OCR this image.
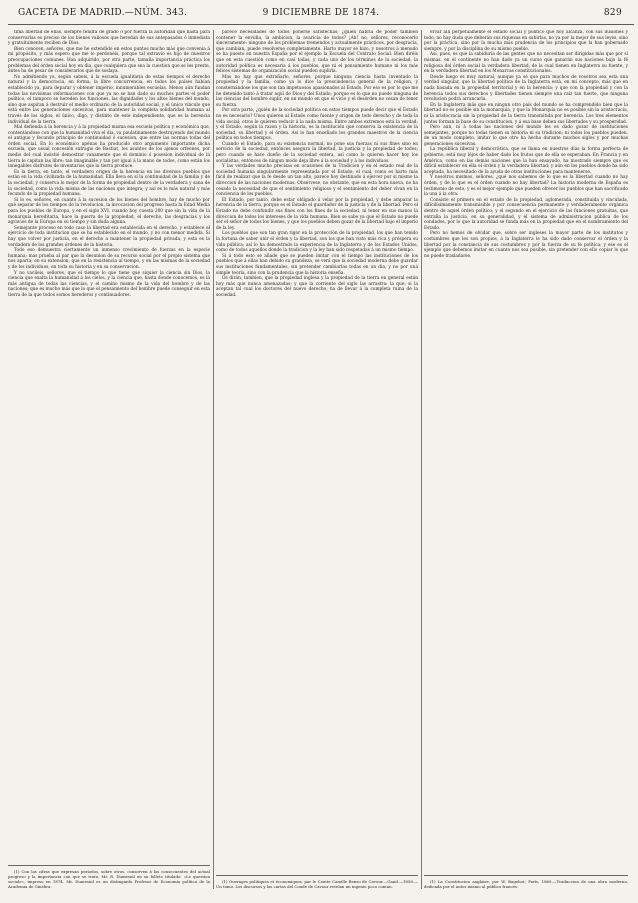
GACETA DE MADRID.—NÚM. 343.	9 DICIEMBRE DE 1874.	829

tima libertad de ellas, siempre tendrá de grado ó por fuerza la autoridad que hasta para conservarlas es preciso de los bienes valiosos que heredan de sus antepasados ó inmediata y gratuitamente reciben de Dios.

Bien conocen, señores, que me he extendido en estos puntos mucho más que convenia á mi propósito, y más espero que me lo perdonéis, porque tal extravío es hijo de nuestros preocupaciones comunes. Han adquirido, por otra parte, tamaña importancia práctica los problemas del órden social hoy en dia, que cualquiera que sea la cuestion que se les preste, ántes ha de pesar de considerarlos que de soslaya.

No admitiendo yo, según sabeis, á la escuela igualitaria de estas tiempos el derecho natural y la democracia, en forma, la libre concurrencia, en todos los países habían establecido ya, para deparar y obtener imperio, innumerables escuelas. Menos aún fundan todas las novísimas reformaciones con que ya no se han dado su muchos partes el poder político, el tampoco se hereden los funciones, las dignidades y los altos bienes del mundo, sino que aspiran á destruir el medio ordinario de la autoridad social, y el único vínculo que está entre las generaciones sucesivas, para mantener la completa solidaridad humana al través de los siglos; el único, digo, y distinto de este independiente, que es la herencia individual de la tierra.

Mal defienda á la herencia y á la propiedad misma esa escuela política y económica que, contentándose con que la humanidad viva el dia, va paulatinamente destruyendo del mundo el antiguo y fecundo principio de continuidad ó sucesion, que entre las normas todas del órden social. En lo económico apénas ha producido otro argumento importante dicha escuela, que usual concesión sufragio de Bastiat, los asuntos de los ajenos orfeones, por medio del cual insistió demostrar vanamente que el dominio ó posesion individual de la tierra le capitan las libre; tan imaginable y tan por igual á la mano de todos, como están los innegables disfrutes de inventarios que la tierra produce.

Es la tierra, en tanto, el verdadero origen de la herencia en los diversos pueblos que están en la vida civilizada de la humanidad. Ella lleva en sí la continuidad de la familia y de la sociedad, y conserva lo mejor de la forma de propiedad dentro de la verdadera y sana de la sociedad, como la vida misma de las naciones que integra; y así es lo más natural y más fecundo de la propiedad humana.

Si lo es, señores, en cuanto á la sucesion de los bienes del hombre, hay de mucho por qué separar de los tiempos de la revolucion, la invocacion del progreso hasta la Edad Media para los pueblos de Europa, y en el siglo XVI, cuando hoy cuesta 200 que sin la vida de la monarquía hereditaria, hace la guerra de la propiedad, el derecho, las desgracias y los agravios de la Europa en su tiempo y sin duda alguna.

Semejante proceso en todo caso la libertad era establecida en el derecho, y establece el ejercicio de toda institucion que se ha establecido en el mundo, y no con menor medida. Si hay que volver por justicia, en el derecho a mantener la propiedad privada, y esta es la verdadera de los grandes órdenes de la historia.

Todo eso demuestra ciertamente un inmenso crecimiento de fuerzas en la especie humana; mas prueba al par que la desunion de su recurso social por el propio sistema que nos aparta; en su extension, que en la resistencia al tiempo, y en las mismas de la sociedad y de los individuos, en toda su historia y en su conservacion.

Y no vacileis, señores, que el tiempo lo que tiene que siquier la ciencia sin Dios, la ciencia que exalta la humanidad á los cielos, y la ciencia que, hasta donde conocemos, es la más antigua de todas las ciencias, y el camino mismo de la vida del hombre y de las naciones; que es mucho más que lo que el pensamiento del hombre puede conseguir en esta tierra de la que todos somos herederos y continuadores.

(1) Con las cifras que expresan periodos, sobre otros, conserven á las consecuentes del actual progreso y la importancia con que se trata, Mr. R. Dumesnil en su folleto titulado: «Le question sociale», impreso en 1874. Mr. Dumesnil es un distinguido Profesor de Economía política de la Academia de Ginebra.

parece necesidades de todos ponerse satisfechas; ¿quién habría de poder también contener la envidia, la ambicion, la avaricia de todos? ¡Ah! no, señores, reconocerlo sinceramente: ninguno de los problemas tremendos y actualmente prácticos, por desgracia, que cambian, puede resolverse completamente. Harto mayor se hizo, y nosotros á menudo se ha puesto en nuestra España por el ejemplo la Escuela del Contrato Social. Bien diréis que en esta cuestión como en casi todas, y cada uno de los términos de la sociedad, la autoridad política es necesaria á los pueblos, que ni el pensamiento humano ni los más felices sistemas de organización social pueden suplirla.

Mas no hay que extrañarlo, señores, porque ninguna ciencia hasta inventado la propiedad y la familia, como ya lo dice la prescindencia general de la religion, y consternándose los que son tan impetuosos apasionados al Estado. Por eso es por lo que me he detenido tanto á tratar aquí de Dios y del Estado; porque es lo que no puede ninguna de las ciencias del hombre suplir, en un mundo en que el vicio y el desórden no cesan de tener su fuerza.

Por otra parte, ¿quién de la sociedad política en estos tiempos puede decir que el Estado no es necesario? Unos quieren al Estado como fuente y origen de todo derecho y de toda la vida social; otros le quieren reducir á la nada misma. Entre ambos extremos está la verdad; y el Estado, según la razon y la historia, es la institución que conserva la existencia de la sociedad, su libertad y el órden. Así lo han enseñado los grandes maestros de la ciencia política en todos tiempos.

Cuando el Estado, para su existencia normal, no pone sus fuerzas ni sus fines sino en servicio de la sociedad, entónces asegura la libertad, la justicia y la propiedad de todos; pero cuando se hace dueño de la sociedad entera, así como lo quieren hacer hoy los socialistas, entónces de ningun modo deja libre á la sociedad y á los individuos.

Y las verdades mucho precisas en ocasiones de la Tradicion y en el estado real de la sociedad humana singularmente representada por el Estado; el cual, como es harto más fácil de realizar que la fe desde un tan alto, parece hoy destinado á ejercer por sí mismo la direccion de las naciones modernas. Obsérvese, no obstante, que en esta hora nueva, no ha cesado la necesidad de que el sentimiento religioso y el sentimiento del deber vivan en la conciencia de los pueblos.

El Estado, por tanto, debe estar obligado á velar por la propiedad, y debe amparar la herencia de la tierra, porque es el Estado el guardador de la justicia y de la libertad. Pero el Estado no debe confundir sus fines con los fines de la sociedad, ni tener en sus manos la direccion de todos los intereses de la vida humana. Bien se sabe ya que el Estado no puede ser el señor de todos los bienes, y que los pueblos deben gozar de la libertad bajo el imperio de la ley.

Los pueblos que son tan gran rigor en la protección de la propiedad, los que han tenido la fortuna de saber unir el órden y la libertad, son los que han visto más rica y próspera su vida pública; así lo ha demostrado la experiencia de la Inglaterra y de los Estados Unidos, como de todos aquellos donde la tradicion y la ley han sido respetadas á un mismo tiempo.

Si á todo esto se añade que se pueden imitar con el tiempo las instituciones de los pueblos que á ellas han debido su grandeza, se verá que la sociedad moderna debe guardar sus instituciones fundamentales, sin pretender cambiarlas todas en un dia, y no por una simple teoría, sino con la prudencia que la historia enseña.

Os dirán, tambien, que la propiedad inglesa y la propiedad de la tierra en general están hoy más que nunca amenazadas; y que la corriente del siglo las arrastra: la que, si la aceptan tal cual los doctores del nuevo derecho, ha de llevar á la completa ruina de la sociedad.

(1) Ouvrages politiques et économiques, par le Comte Camille Benso de Cavour.—Gand.—1858.—Un tomo. Los discursos y las cartas del Conde de Cavour revelan un ingenio poco comun.

ervar allí perpetuamente el estado social y político que hoy alcanza, con sus ilusiones y todo, no hay duda que deberán sus riquezas en subirlas, no ya por la mejor de sus leyes, sino por la práctica, sino por la mucha más prudencia de los principios que la han gobernado siempre, y por la disciplina de su mismo pueblo.

Así, pues, es que la sabiduría de las gentes que no necesitan ser dirigidas más que por sí mismas, en el continente no han dado ya un curso que ganarán sus naciones bajo la fé religiosa del órden social la verdadera libertad, de la cual tienen en Inglaterra su fuente, y en la verdadera libertad en los Monarcas constitucionales.

Desde luego es muy natural, aunque ya sé que para muchos de vosotros sea esta una verdad singular, que la libertad política de la Inglaterra está, en mi concepto, más que en nada basada en la propiedad territorial y en la herencia; y que con la propiedad y con la herencia todos sus derechos y libertades tienen siempre una raíz tan fuerte, que ninguna revolucion podrá arrancarla.

En la Inglaterra más que en ningun otro país del mundo se ha comprendido bien que la libertad no es posible sin la monarquía, y que la Monarquía no es posible sin la aristocracia, ni la aristocracia sin la propiedad de la tierra transmitida por herencia. Los tres elementos juntos forman la base de su constitucion, y á esa base deben sus libertades y su prosperidad.

Pero aun, ni á todas las naciones del mundo les es dado gozar de instituciones semejantes, porque no todas tienen su historia ni su tradicion; ni todos los pueblos pueden, de un modo completo, imitar lo que otro ha hecho durante muchos siglos y por muchas generaciones sucesivas.

La república liberal y democrática, que se llama en nuestros días la forma perfecta de gobierno, está muy léjos de haber dado los frutos que de ella se esperaban. En Francia y en América, como en las demás naciones que la han ensayado, ha mostrado siempre que es difícil establecer en ella el órden y la verdadera libertad; y aún en los pueblos donde ha sido aceptada, ha necesitado de la ayuda de otras instituciones para mantenerse.

Y nosotros mismos, señores, ¿qué nos sabemos de lo que es la libertad cuando no hay órden, y de lo que es el órden cuando no hay libertad? La historia moderna de España es testimonio de esto, y es el mejor ejemplo que pueden ofrecer los pueblos que han sacrificado la una á la otra.

Consiste el primero en el estado de la propiedad, aglomerada, constituida y vinculada, difícilísimamente transmisible y por consecuencia permanente y verdaderamente orgánica dentro de aquel órden político; y el segundo en el ejercicio de las funciones gratuitas, que entraña la justicia, en su generalidad, y el sistema de administracion pública de los condados, por lo que la autoridad se funda más en la propiedad que en el nombramiento del Estado.

Pero no hemos de olvidar que, sobre ser ingleses la mayor parte de los institutos y costumbres que les son propios, á la Inglaterra le ha sido dado conservar el órden y la libertad por la constancia de sus costumbres y por la fuerza de su fe política; y ese es el ejemplo que debemos imitar en cuanto nos sea posible, sin pretender con ello copiar lo que no puede trasladarse.

(1) La Constitucion anglaise, por W. Bagehot; París, 1869.—Traduccion de una obra moderna, dedicada por el autor mismo al público francés.
